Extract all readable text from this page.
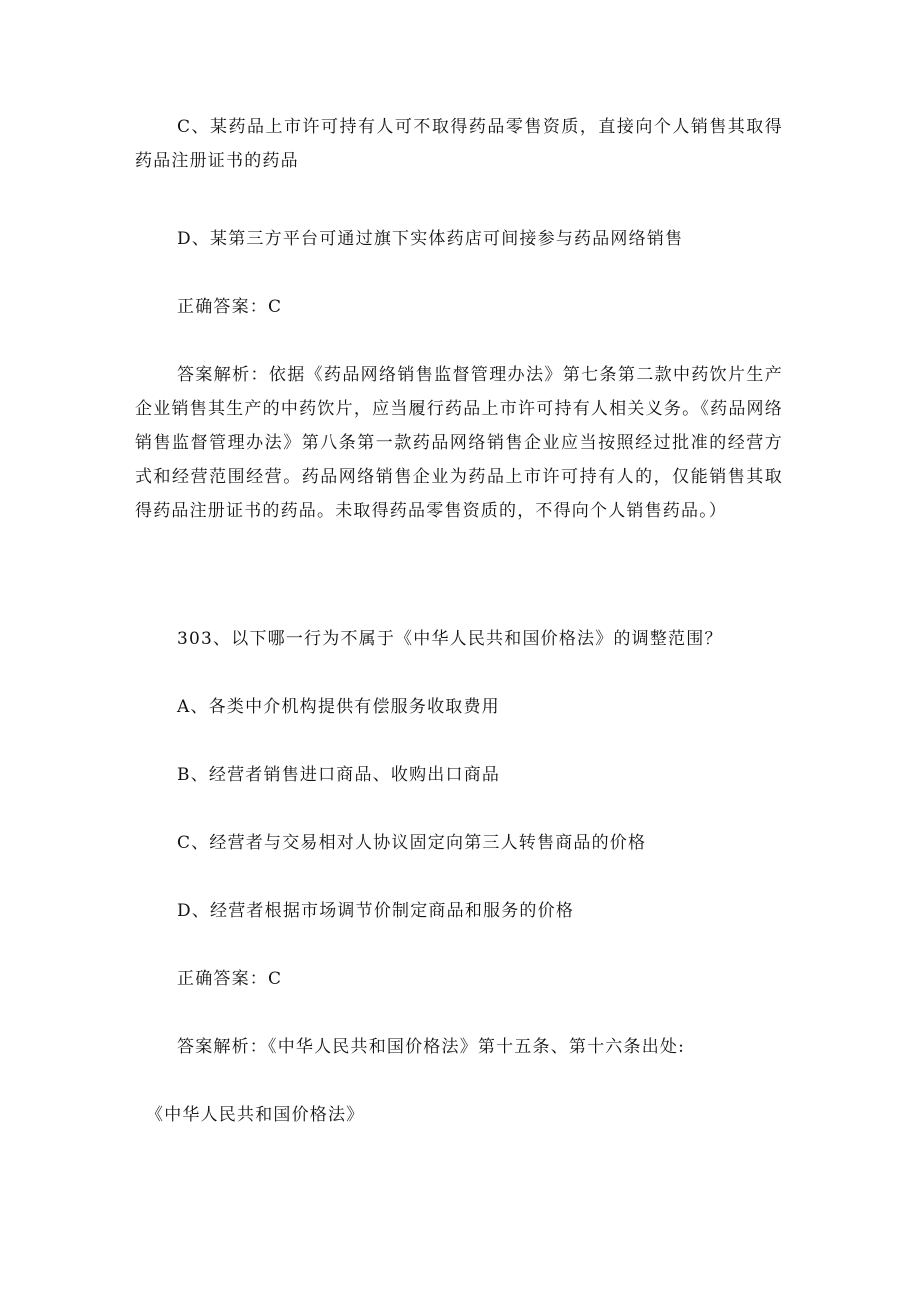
C、某药品上市许可持有人可不取得药品零售资质，直接向个人销售其取得药品注册证书的药品

D、某第三方平台可通过旗下实体药店可间接参与药品网络销售

正确答案：C

答案解析：依据《药品网络销售监督管理办法》第七条第二款中药饮片生产企业销售其生产的中药饮片，应当履行药品上市许可持有人相关义务。《药品网络销售监督管理办法》第八条第一款药品网络销售企业应当按照经过批准的经营方式和经营范围经营。药品网络销售企业为药品上市许可持有人的，仅能销售其取得药品注册证书的药品。未取得药品零售资质的，不得向个人销售药品。）

303、以下哪一行为不属于《中华人民共和国价格法》的调整范围？

A、各类中介机构提供有偿服务收取费用

B、经营者销售进口商品、收购出口商品

C、经营者与交易相对人协议固定向第三人转售商品的价格

D、经营者根据市场调节价制定商品和服务的价格

正确答案：C

答案解析：《中华人民共和国价格法》第十五条、第十六条出处:

《中华人民共和国价格法》
